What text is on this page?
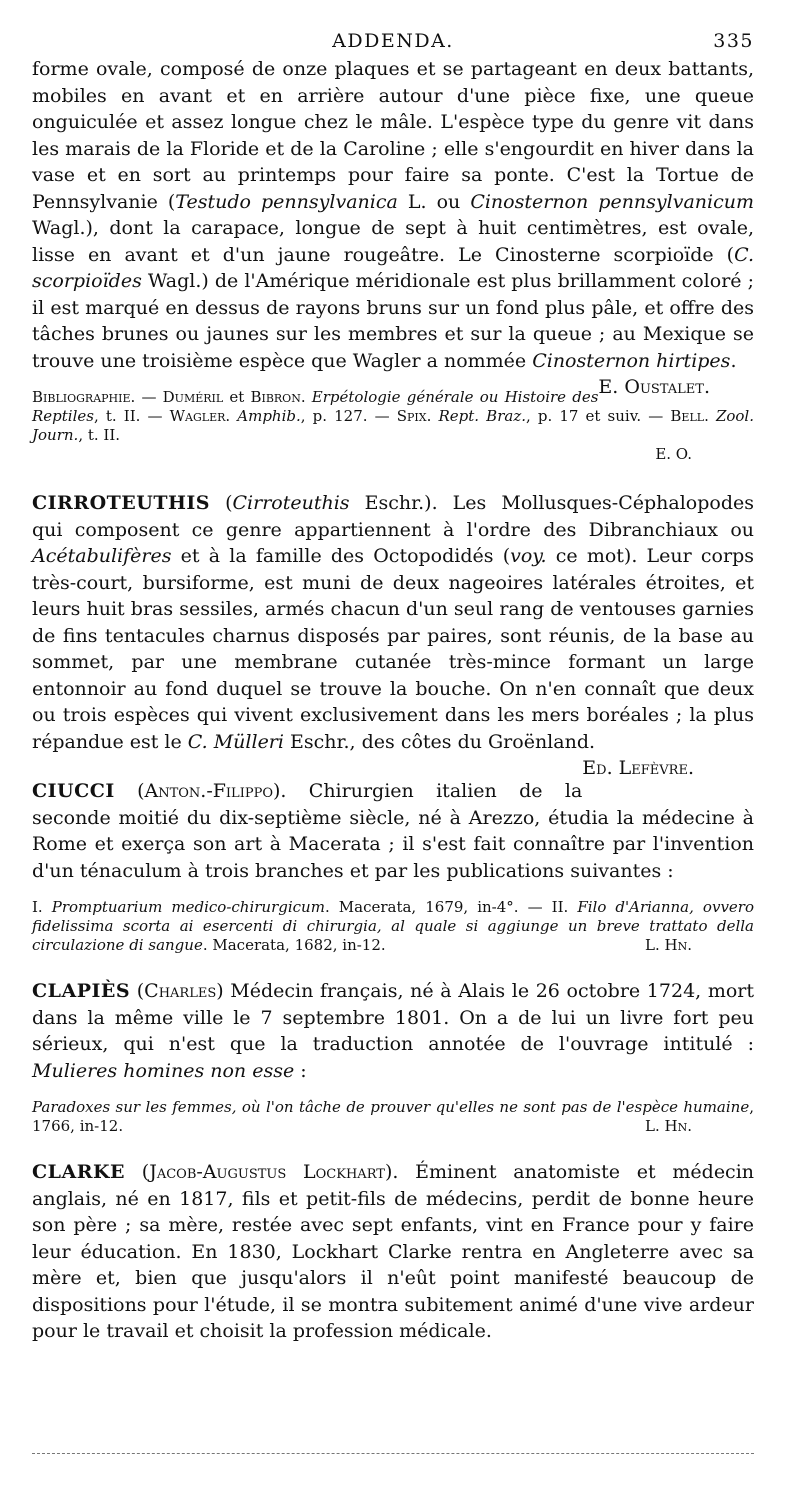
ADDENDA.	335

forme ovale, composé de onze plaques et se partageant en deux battants, mobiles en avant et en arrière autour d'une pièce fixe, une queue onguiculée et assez longue chez le mâle. L'espèce type du genre vit dans les marais de la Floride et de la Caroline ; elle s'engourdit en hiver dans la vase et en sort au printemps pour faire sa ponte. C'est la Tortue de Pennsylvanie (Testudo pennsylvanica L. ou Cinosternon pennsylvanicum Wagl.), dont la carapace, longue de sept à huit centimètres, est ovale, lisse en avant et d'un jaune rougeâtre. Le Cinosterne scorpioïde (C. scorpioïdes Wagl.) de l'Amérique méridionale est plus brillamment coloré ; il est marqué en dessus de rayons bruns sur un fond plus pâle, et offre des tâches brunes ou jaunes sur les membres et sur la queue ; au Mexique se trouve une troisième espèce que Wagler a nommée Cinosternon hirtipes.
E. Oustalet.

Bibliographie. — Duméril et Bibron. Erpétologie générale ou Histoire des Reptiles, t. II. — Wagler. Amphib., p. 127. — Spix. Rept. Braz., p. 17 et suiv. — Bell. Zool. Journ., t. II.
E. O.

CIRROTEUTHIS (Cirroteuthis Eschr.). Les Mollusques-Céphalopodes qui composent ce genre appartiennent à l'ordre des Dibranchiaux ou Acétabulifères et à la famille des Octopodidés (voy. ce mot). Leur corps très-court, bursiforme, est muni de deux nageoires latérales étroites, et leurs huit bras sessiles, armés chacun d'un seul rang de ventouses garnies de fins tentacules charnus disposés par paires, sont réunis, de la base au sommet, par une membrane cutanée très-mince formant un large entonnoir au fond duquel se trouve la bouche. On n'en connaît que deux ou trois espèces qui vivent exclusivement dans les mers boréales ; la plus répandue est le C. Mülleri Eschr., des côtes du Groënland.
Ed. Lefèvre.

CIUCCI (Anton.-Filippo). Chirurgien italien de la seconde moitié du dix-septième siècle, né à Arezzo, étudia la médecine à Rome et exerça son art à Macerata ; il s'est fait connaître par l'invention d'un ténaculum à trois branches et par les publications suivantes :

I. Promptuarium medico-chirurgicum. Macerata, 1679, in-4°. — II. Filo d'Arianna, ovvero fidelissima scorta ai esercenti di chirurgia, al quale si aggiunge un breve trattato della circulazione di sangue. Macerata, 1682, in-12.	L. Hn.

CLAPIÈS (Charles) Médecin français, né à Alais le 26 octobre 1724, mort dans la même ville le 7 septembre 1801. On a de lui un livre fort peu sérieux, qui n'est que la traduction annotée de l'ouvrage intitulé : Mulieres homines non esse :

Paradoxes sur les femmes, où l'on tâche de prouver qu'elles ne sont pas de l'espèce humaine, 1766, in-12.	L. Hn.

CLARKE (Jacob-Augustus Lockhart). Éminent anatomiste et médecin anglais, né en 1817, fils et petit-fils de médecins, perdit de bonne heure son père ; sa mère, restée avec sept enfants, vint en France pour y faire leur éducation. En 1830, Lockhart Clarke rentra en Angleterre avec sa mère et, bien que jusqu'alors il n'eût point manifesté beaucoup de dispositions pour l'étude, il se montra subitement animé d'une vive ardeur pour le travail et choisit la profession médicale.
